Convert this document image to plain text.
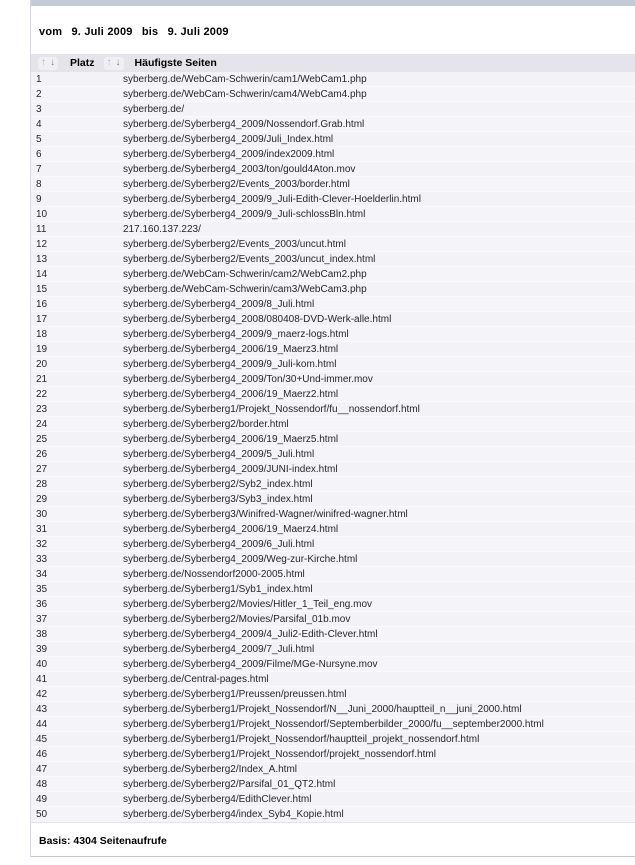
vom 9. Juli 2009 bis 9. Juli 2009
↑ ↓ Platz ↑ ↓ Häufigste Seiten
1	syberberg.de/WebCam-Schwerin/cam1/WebCam1.php
2	syberberg.de/WebCam-Schwerin/cam4/WebCam4.php
3	syberberg.de/
4	syberberg.de/Syberberg4_2009/Nossendorf.Grab.html
5	syberberg.de/Syberberg4_2009/Juli_Index.html
6	syberberg.de/Syberberg4_2009/index2009.html
7	syberberg.de/Syberberg4_2003/ton/gould4Aton.mov
8	syberberg.de/Syberberg2/Events_2003/border.html
9	syberberg.de/Syberberg4_2009/9_Juli-Edith-Clever-Hoelderlin.html
10	syberberg.de/Syberberg4_2009/9_Juli-schlossBln.html
11	217.160.137.223/
12	syberberg.de/Syberberg2/Events_2003/uncut.html
13	syberberg.de/Syberberg2/Events_2003/uncut_index.html
14	syberberg.de/WebCam-Schwerin/cam2/WebCam2.php
15	syberberg.de/WebCam-Schwerin/cam3/WebCam3.php
16	syberberg.de/Syberberg4_2009/8_Juli.html
17	syberberg.de/Syberberg4_2008/080408-DVD-Werk-alle.html
18	syberberg.de/Syberberg4_2009/9_maerz-logs.html
19	syberberg.de/Syberberg4_2006/19_Maerz3.html
20	syberberg.de/Syberberg4_2009/9_Juli-kom.html
21	syberberg.de/Syberberg4_2009/Ton/30+Und-immer.mov
22	syberberg.de/Syberberg4_2006/19_Maerz2.html
23	syberberg.de/Syberberg1/Projekt_Nossendorf/fu__nossendorf.html
24	syberberg.de/Syberberg2/border.html
25	syberberg.de/Syberberg4_2006/19_Maerz5.html
26	syberberg.de/Syberberg4_2009/5_Juli.html
27	syberberg.de/Syberberg4_2009/JUNI-index.html
28	syberberg.de/Syberberg2/Syb2_index.html
29	syberberg.de/Syberberg3/Syb3_index.html
30	syberberg.de/Syberberg3/Winifred-Wagner/winifred-wagner.html
31	syberberg.de/Syberberg4_2006/19_Maerz4.html
32	syberberg.de/Syberberg4_2009/6_Juli.html
33	syberberg.de/Syberberg4_2009/Weg-zur-Kirche.html
34	syberberg.de/Nossendorf2000-2005.html
35	syberberg.de/Syberberg1/Syb1_index.html
36	syberberg.de/Syberberg2/Movies/Hitler_1_Teil_eng.mov
37	syberberg.de/Syberberg2/Movies/Parsifal_01b.mov
38	syberberg.de/Syberberg4_2009/4_Juli2-Edith-Clever.html
39	syberberg.de/Syberberg4_2009/7_Juli.html
40	syberberg.de/Syberberg4_2009/Filme/MGe-Nursyne.mov
41	syberberg.de/Central-pages.html
42	syberberg.de/Syberberg1/Preussen/preussen.html
43	syberberg.de/Syberberg1/Projekt_Nossendorf/N__Juni_2000/hauptteil_n__juni_2000.html
44	syberberg.de/Syberberg1/Projekt_Nossendorf/Septemberbilder_2000/fu__september2000.html
45	syberberg.de/Syberberg1/Projekt_Nossendorf/hauptteil_projekt_nossendorf.html
46	syberberg.de/Syberberg1/Projekt_Nossendorf/projekt_nossendorf.html
47	syberberg.de/Syberberg2/Index_A.html
48	syberberg.de/Syberberg2/Parsifal_01_QT2.html
49	syberberg.de/Syberberg4/EdithClever.html
50	syberberg.de/Syberberg4/index_Syb4_Kopie.html
Basis: 4304 Seitenaufrufe
